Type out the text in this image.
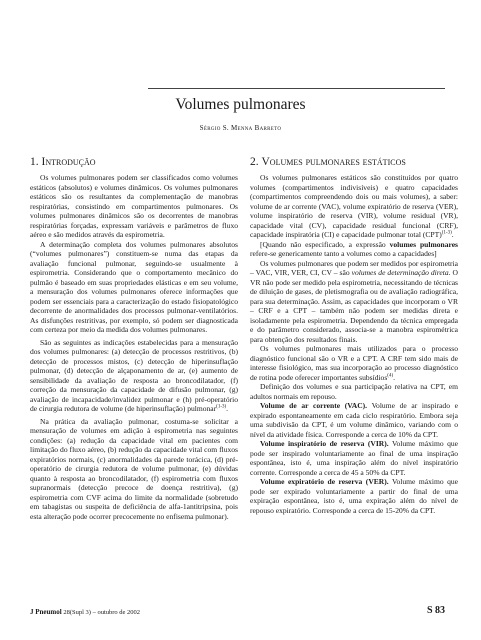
Volumes pulmonares
Sérgio S. Menna Barreto
1. Introdução

Os volumes pulmonares podem ser classificados como volumes estáticos (absolutos) e volumes dinâmicos. Os volumes pulmonares estáticos são os resultantes da complementação de manobras respiratórias, consistindo em compartimentos pulmonares. Os volumes pulmonares dinâmicos são os decorrentes de manobras respiratórias forçadas, expressam variáveis e parâmetros de fluxo aéreo e são medidos através da espirometria.

A determinação completa dos volumes pulmonares absolutos (“volumes pulmonares”) constituem-se numa das etapas da avaliação funcional pulmonar, seguindo-se usualmente à espirometria. Considerando que o comportamento mecânico do pulmão é baseado em suas propriedades elásticas e em seu volume, a mensuração dos volumes pulmonares oferece informações que podem ser essenciais para a caracterização do estado fisiopatológico decorrente de anormalidades dos processos pulmonar-ventilatórios. As disfunções restritivas, por exemplo, só podem ser diagnosticada com certeza por meio da medida dos volumes pulmonares.

São as seguintes as indicações estabelecidas para a mensuração dos volumes pulmonares: (a) detecção de processos restritivos, (b) detecção de processos mistos, (c) detecção de hiperinsuflação pulmonar, (d) detecção de alçaponamento de ar, (e) aumento de sensibilidade da avaliação de resposta ao broncodilatador, (f) correção da mensuração da capacidade de difusão pulmonar, (g) avaliação de incapacidade/invalidez pulmonar e (h) pré-operatório de cirurgia redutora de volume (de hiperinsuflação) pulmonar$^{(1-3)}$.

Na prática da avaliação pulmonar, costuma-se solicitar a mensuração de volumes em adição à espirometria nas seguintes condições: (a) redução da capacidade vital em pacientes com limitação do fluxo aéreo, (b) redução da capacidade vital com fluxos expiratórios normais, (c) anormalidades da parede torácica, (d) pré-operatório de cirurgia redutora de volume pulmonar, (e) dúvidas quanto à resposta ao broncodilatador, (f) espirometria com fluxos supranormais (detecção precoce de doença restritiva), (g) espirometria com CVF acima do limite da normalidade (sobretudo em tabagistas ou suspeita de deficiência de alfa-1antitripsina, pois esta alteração pode ocorrer precocemente no enfisema pulmonar).

2. Volumes pulmonares estáticos

Os volumes pulmonares estáticos são constituídos por quatro volumes (compartimentos indivisíveis) e quatro capacidades (compartimentos compreendendo dois ou mais volumes), a saber: volume de ar corrente (VAC), volume expiratório de reserva (VER), volume inspiratório de reserva (VIR), volume residual (VR), capacidade vital (CV), capacidade residual funcional (CRF), capacidade inspiratória (CI) e capacidade pulmonar total (CPT)$^{(1-3)}$.

[Quando não especificado, a expressão volumes pulmonares refere-se genericamente tanto a volumes como a capacidades]

Os volumes pulmonares que podem ser medidos por espirometria – VAC, VIR, VER, CI, CV – são volumes de determinação direta. O VR não pode ser medido pela espirometria, necessitando de técnicas de diluição de gases, de pletismografia ou de avaliação radiográfica, para sua determinação. Assim, as capacidades que incorporam o VR – CRF e a CPT – também não podem ser medidas direta e isoladamente pela espirometria. Dependendo da técnica empregada e do parâmetro considerado, associa-se a manobra espirométrica para obtenção dos resultados finais.

Os volumes pulmonares mais utilizados para o processo diagnóstico funcional são o VR e a CPT. A CRF tem sido mais de interesse fisiológico, mas sua incorporação ao processo diagnóstico de rotina pode oferecer importantes subsídios$^{(4)}$.

Definição dos volumes e sua participação relativa na CPT, em adultos normais em repouso.

Volume de ar corrente (VAC). Volume de ar inspirado e expirado espontaneamente em cada ciclo respiratório. Embora seja uma subdivisão da CPT, é um volume dinâmico, variando com o nível da atividade física. Corresponde a cerca de 10% da CPT.

Volume inspiratório de reserva (VIR). Volume máximo que pode ser inspirado voluntariamente ao final de uma inspiração espontânea, isto é, uma inspiração além do nível inspiratório corrente. Corresponde a cerca de 45 a 50% da CPT.

Volume expiratório de reserva (VER). Volume máximo que pode ser expirado voluntariamente a partir do final de uma expiração espontânea, isto é, uma expiração além do nível de repouso expiratório. Corresponde a cerca de 15-20% da CPT.

J Pneumol 28(Supl 3) – outubro de 2002	S 83
